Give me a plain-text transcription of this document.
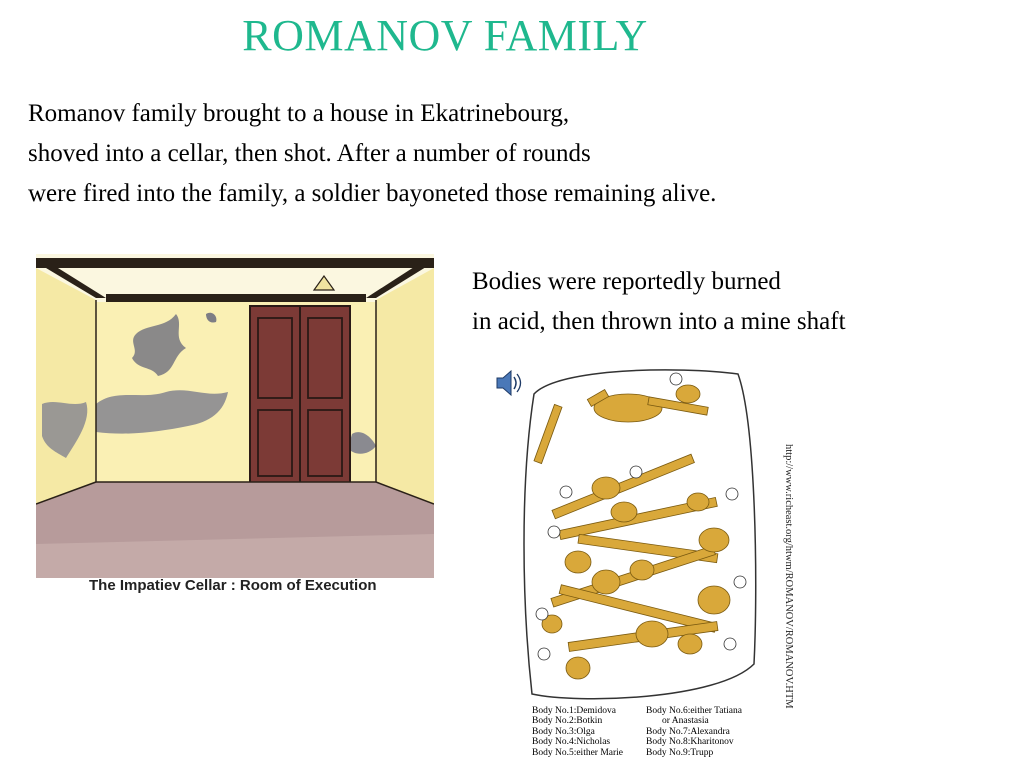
ROMANOV FAMILY
Romanov family brought to a house in Ekatrinebourg,
shoved into a cellar, then shot. After a number of rounds
were fired into the family, a soldier bayoneted those remaining alive.
The Impatiev Cellar : Room of Execution
Bodies were reportedly burned
in acid, then thrown into a mine shaft
Body No.1:Demidova	Body No.6:either Tatiana
Body No.2:Botkin	or Anastasia
Body No.3:Olga	Body No.7:Alexandra
Body No.4:Nicholas	Body No.8:Kharitonov
Body No.5:either Marie	Body No.9:Trupp
http://www.richeast.org/htwm/ROMANOV/ROMANOV.HTM
